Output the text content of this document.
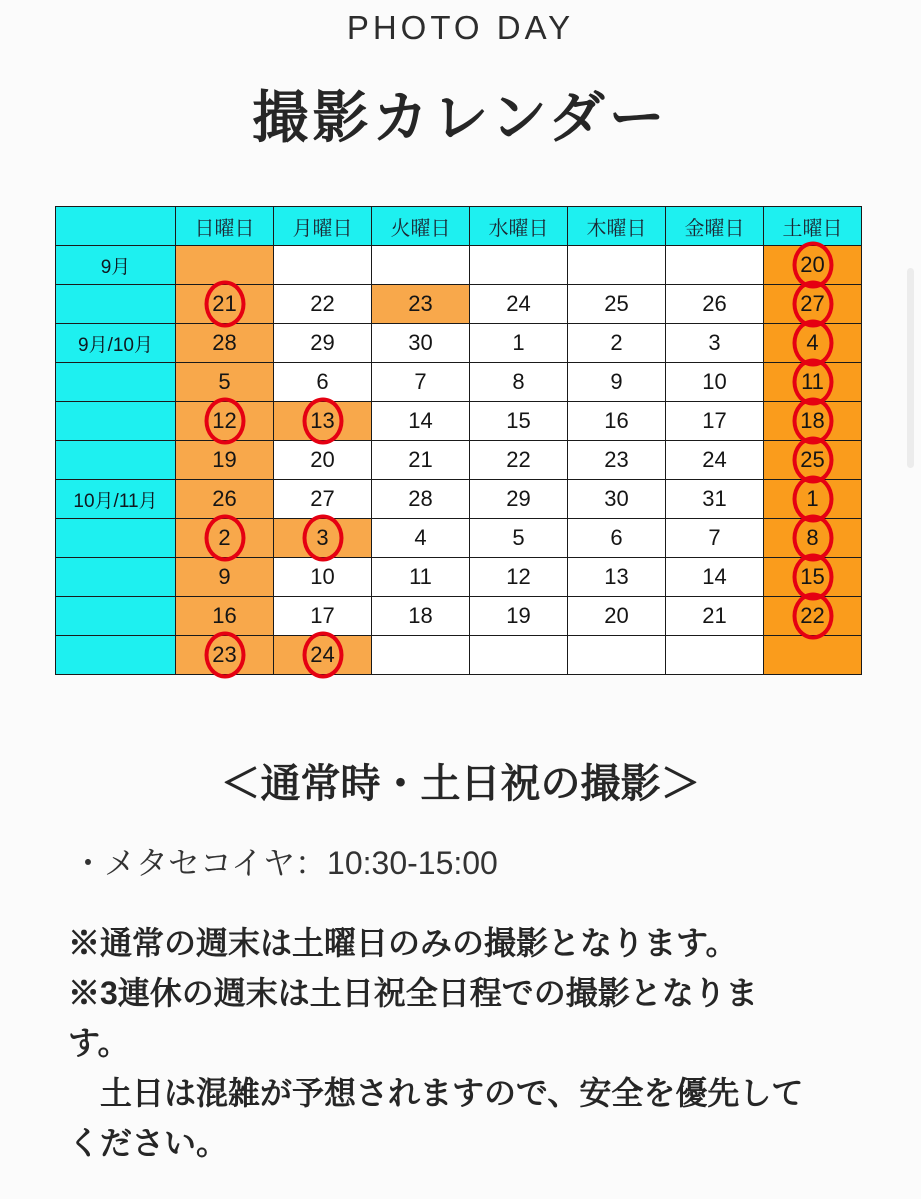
PHOTO DAY
撮影カレンダー
	日曜日	月曜日	火曜日	水曜日	木曜日	金曜日	土曜日
9月							20

	21	22	23	24	25	26	27

9月/10月	28	29	30	1	2	3	4

	5	6	7	8	9	10	11

	12	13	14	15	16	17	18

	19	20	21	22	23	24	25

10月/11月	26	27	28	29	30	31	1

	2	3	4	5	6	7	8

	9	10	11	12	13	14	15

	16	17	18	19	20	21	22

	23	24

＜通常時・土日祝の撮影＞
・メタセコイヤ：10:30-15:00
※通常の週末は土曜日のみの撮影となります。
※3連休の週末は土日祝全日程での撮影となりま
す。
　土日は混雑が予想されますので、安全を優先して
ください。
